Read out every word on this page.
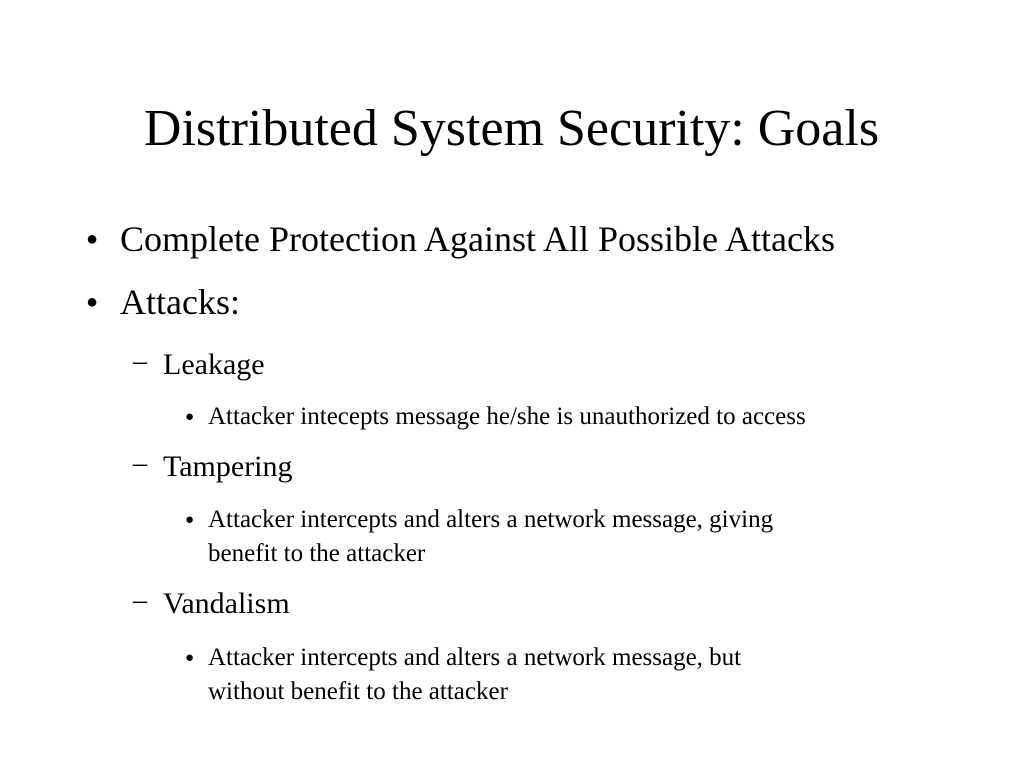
Distributed System Security: Goals
● Complete Protection Against All Possible Attacks
● Attacks:
– Leakage
● Attacker intecepts message he/she is unauthorized to access
– Tampering
● Attacker intercepts and alters a network message, giving
benefit to the attacker
– Vandalism
● Attacker intercepts and alters a network message, but
without benefit to the attacker
